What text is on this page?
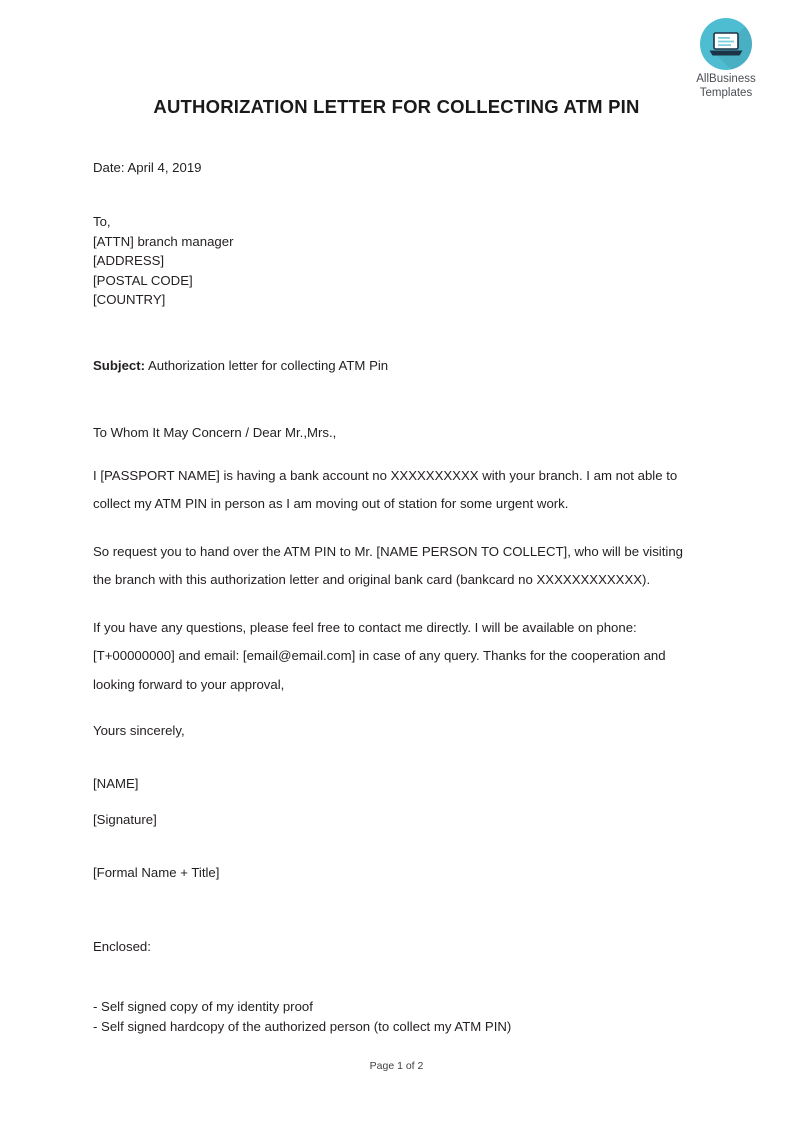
AllBusiness
Templates
AUTHORIZATION LETTER FOR COLLECTING ATM PIN
Date: April 4, 2019
To,
[ATTN] branch manager
[ADDRESS]
[POSTAL CODE]
[COUNTRY]
Subject: Authorization letter for collecting ATM Pin
To Whom It May Concern / Dear Mr.,Mrs.,

I [PASSPORT NAME] is having a bank account no XXXXXXXXXX with your branch. I am not able to collect my ATM PIN in person as I am moving out of station for some urgent work.

So request you to hand over the ATM PIN to Mr. [NAME PERSON TO COLLECT], who will be visiting the branch with this authorization letter and original bank card (bankcard no XXXXXXXXXXXX).

If you have any questions, please feel free to contact me directly. I will be available on phone: [T+00000000] and email: [email@email.com] in case of any query. Thanks for the cooperation and looking forward to your approval,

Yours sincerely,
[NAME]
[Signature]
[Formal Name + Title]
Enclosed:
- Self signed copy of my identity proof
- Self signed hardcopy of the authorized person (to collect my ATM PIN)
Page 1 of 2
